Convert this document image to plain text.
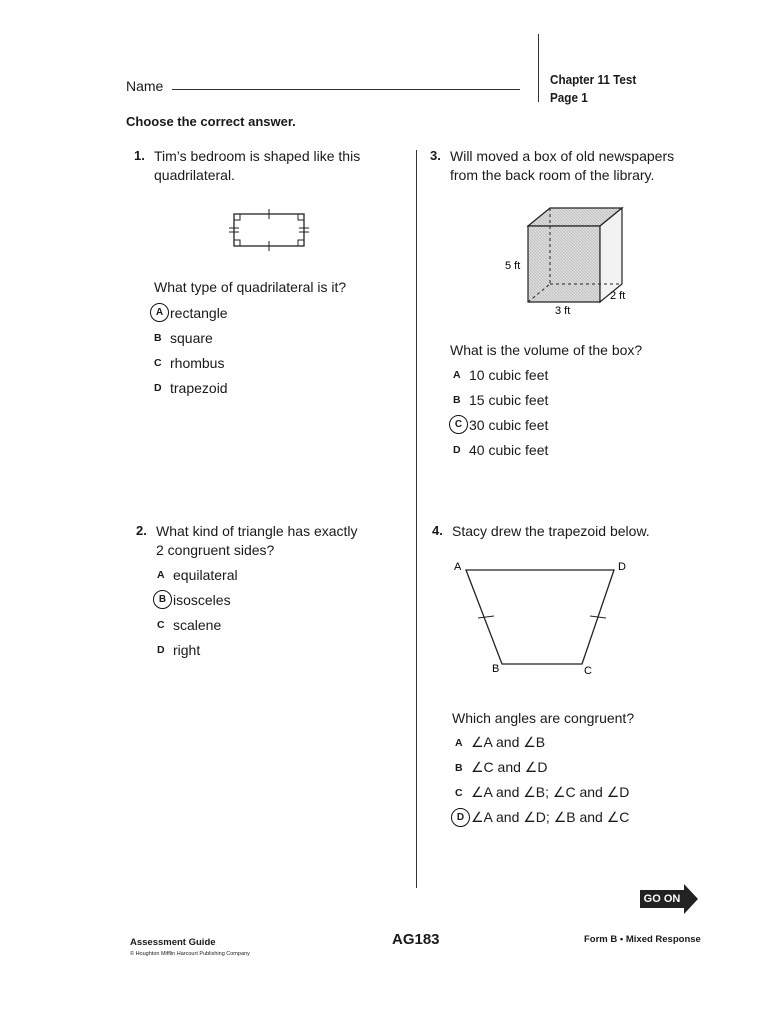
Name	Chapter 11 Test
Page 1
Choose the correct answer.
1. Tim’s bedroom is shaped like this
quadrilateral.
What type of quadrilateral is it?
A rectangle
B square
C rhombus
D trapezoid
2. What kind of triangle has exactly
2 congruent sides?
A equilateral
B isosceles
C scalene
D right
3. Will moved a box of old newspapers
from the back room of the library.
5 ft
2 ft
3 ft
What is the volume of the box?
A 10 cubic feet
B 15 cubic feet
C 30 cubic feet
D 40 cubic feet
4. Stacy drew the trapezoid below.
A	D
B	C
Which angles are congruent?
A ∠A and ∠B
B ∠C and ∠D
C ∠A and ∠B; ∠C and ∠D
D ∠A and ∠D; ∠B and ∠C
GO ON
Assessment Guide
© Houghton Mifflin Harcourt Publishing Company
AG183	Form B • Mixed Response
